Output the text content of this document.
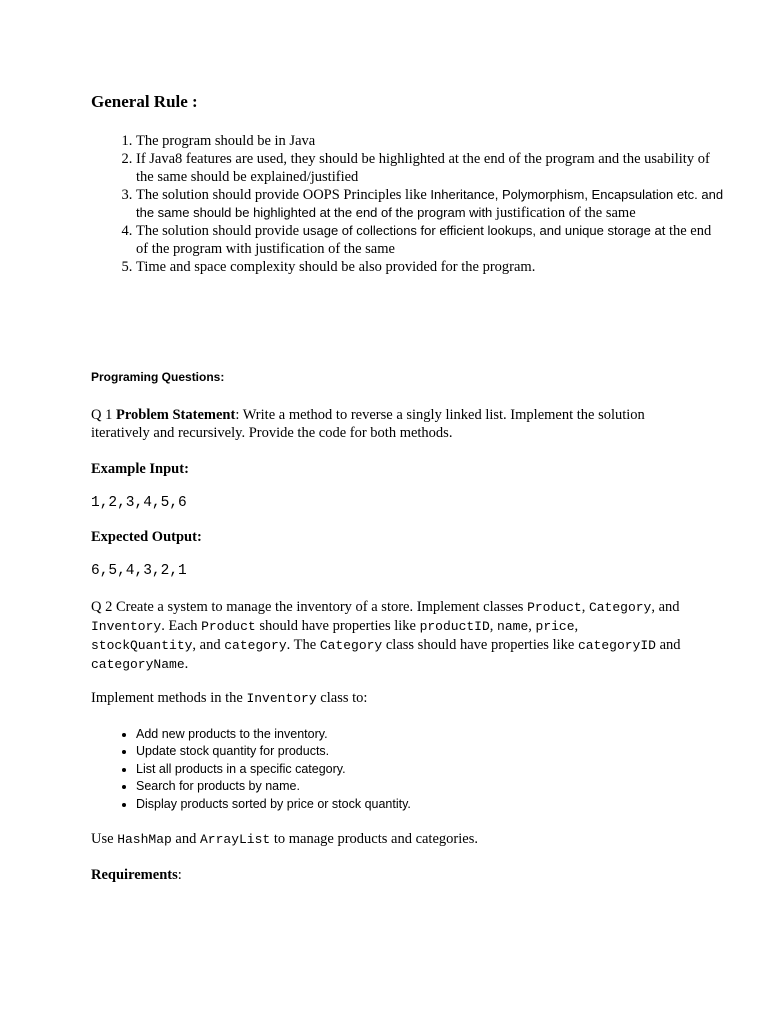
General Rule :
1. The program should be in Java
2. If Java8 features are used, they should be highlighted at the end of the program and the usability of the same should be explained/justified
3. The solution should provide OOPS Principles like Inheritance, Polymorphism, Encapsulation etc. and the same should be highlighted at the end of the program with justification of the same
4. The solution should provide usage of collections for efficient lookups, and unique storage at the end of the program with justification of the same
5. Time and space complexity should be also provided for the program.

Programing Questions:

Q 1 Problem Statement: Write a method to reverse a singly linked list. Implement the solution iteratively and recursively. Provide the code for both methods.

Example Input:

1,2,3,4,5,6

Expected Output:

6,5,4,3,2,1

Q 2 Create a system to manage the inventory of a store. Implement classes Product, Category, and Inventory. Each Product should have properties like productID, name, price, stockQuantity, and category. The Category class should have properties like categoryID and categoryName.

Implement methods in the Inventory class to:

• Add new products to the inventory.
• Update stock quantity for products.
• List all products in a specific category.
• Search for products by name.
• Display products sorted by price or stock quantity.

Use HashMap and ArrayList to manage products and categories.

Requirements:
